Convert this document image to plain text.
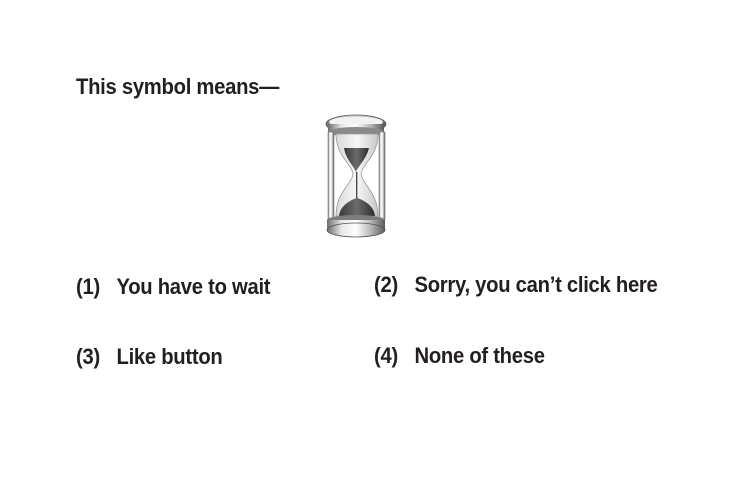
This symbol means—
(1) You have to wait	(2) Sorry, you can’t click here
(3) Like button	(4) None of these
